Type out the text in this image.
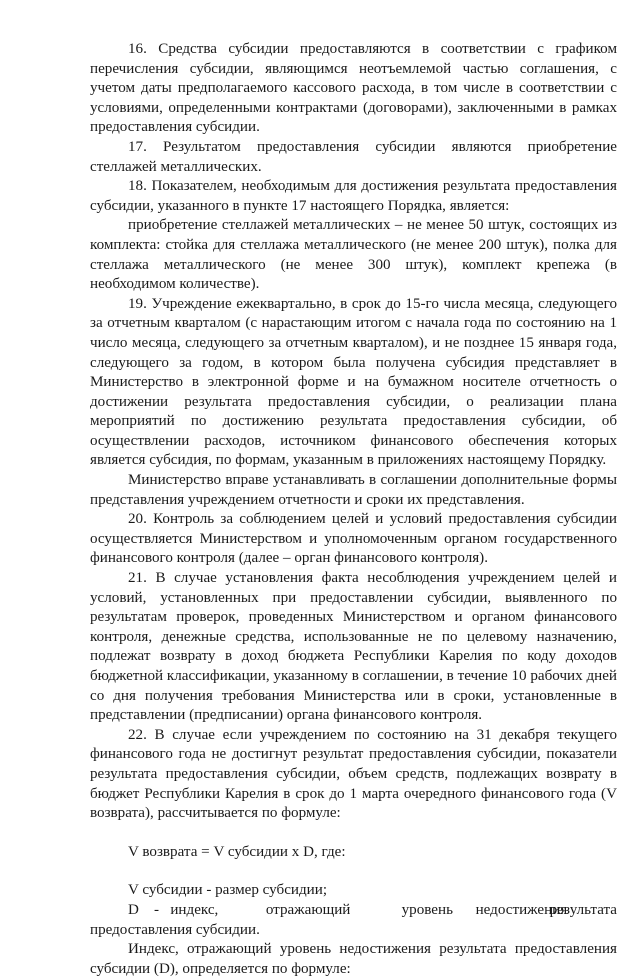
16. Средства субсидии предоставляются в соответствии с графиком перечисления субсидии, являющимся неотъемлемой частью соглашения, с учетом даты предполагаемого кассового расхода, в том числе в соответствии с условиями, определенными контрактами (договорами), заключенными в рамках предоставления субсидии.

17. Результатом предоставления субсидии являются приобретение стеллажей металлических.

18. Показателем, необходимым для достижения результата предоставления субсидии, указанного в пункте 17 настоящего Порядка, является:

приобретение стеллажей металлических – не менее 50 штук, состоящих из комплекта: стойка для стеллажа металлического (не менее 200 штук), полка для стеллажа металлического (не менее 300 штук), комплект крепежа (в необходимом количестве).

19. Учреждение ежеквартально, в срок до 15-го числа месяца, следующего за отчетным кварталом (с нарастающим итогом с начала года по состоянию на 1 число месяца, следующего за отчетным кварталом), и не позднее 15 января года, следующего за годом, в котором была получена субсидия представляет в Министерство в электронной форме и на бумажном носителе отчетность о достижении результата предоставления субсидии, о реализации плана мероприятий по достижению результата предоставления субсидии, об осуществлении расходов, источником финансового обеспечения которых является субсидия, по формам, указанным в приложениях настоящему Порядку.

Министерство вправе устанавливать в соглашении дополнительные формы представления учреждением отчетности и сроки их представления.

20. Контроль за соблюдением целей и условий предоставления субсидии осуществляется Министерством и уполномоченным органом государственного финансового контроля (далее – орган финансового контроля).

21. В случае установления факта несоблюдения учреждением целей и условий, установленных при предоставлении субсидии, выявленного по результатам проверок, проведенных Министерством и органом финансового контроля, денежные средства, использованные не по целевому назначению, подлежат возврату в доход бюджета Республики Карелия по коду доходов бюджетной классификации, указанному в соглашении, в течение 10 рабочих дней со дня получения требования Министерства или в сроки, установленные в представлении (предписании) органа финансового контроля.

22. В случае если учреждением по состоянию на 31 декабря текущего финансового года не достигнут результат предоставления субсидии, показатели результата предоставления субсидии, объем средств, подлежащих возврату в бюджет Республики Карелия в срок до 1 марта очередного финансового года (V возврата), рассчитывается по формуле:

V возврата = V субсидии x D, где:

V субсидии - размер субсидии;

D - индекс,	отражающий	уровень недостижения
результата

предоставления субсидии.

Индекс, отражающий уровень недостижения результата предоставления субсидии (D), определяется по формуле:
